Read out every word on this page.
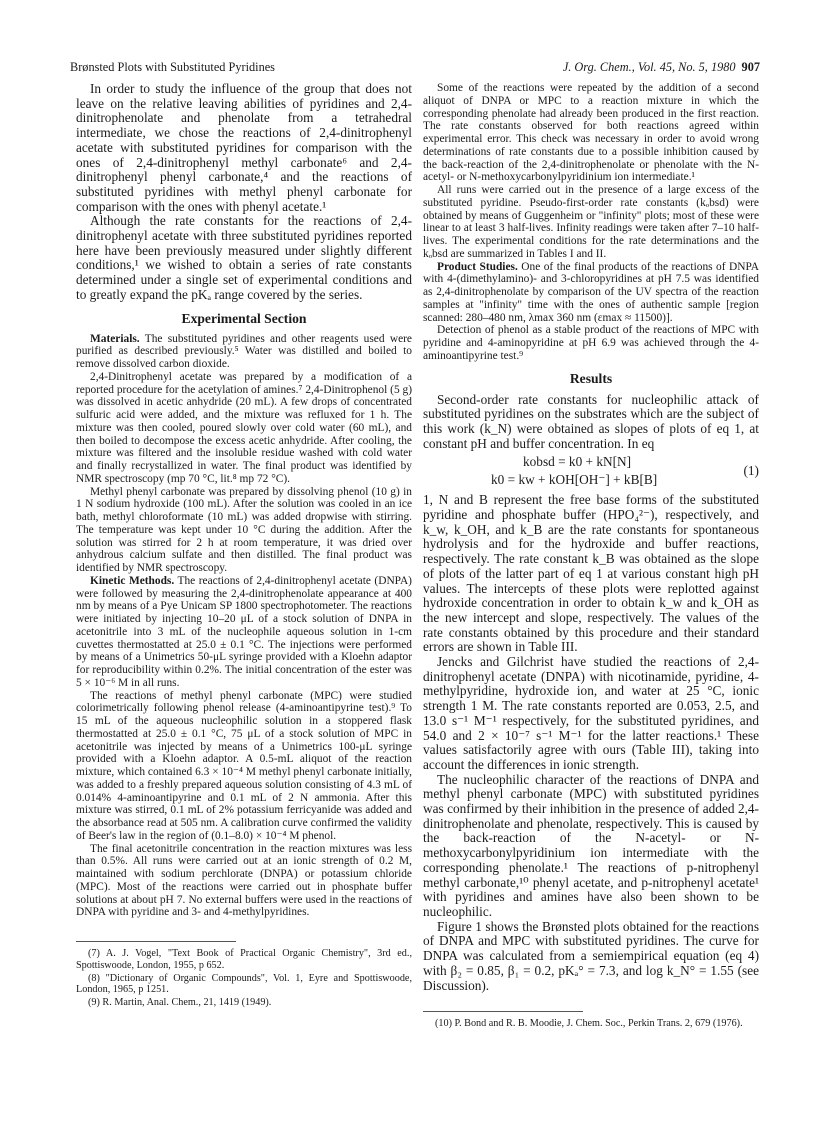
Brønsted Plots with Substituted Pyridines	J. Org. Chem., Vol. 45, No. 5, 1980 907

In order to study the influence of the group that does not leave on the relative leaving abilities of pyridines and 2,4-dinitrophenolate and phenolate from a tetrahedral intermediate, we chose the reactions of 2,4-dinitrophenyl acetate with substituted pyridines for comparison with the ones of 2,4-dinitrophenyl methyl carbonate⁶ and 2,4-dinitrophenyl phenyl carbonate,⁴ and the reactions of substituted pyridines with methyl phenyl carbonate for comparison with the ones with phenyl acetate.¹

Although the rate constants for the reactions of 2,4-dinitrophenyl acetate with three substituted pyridines reported here have been previously measured under slightly different conditions,¹ we wished to obtain a series of rate constants determined under a single set of experimental conditions and to greatly expand the pKₐ range covered by the series.

Experimental Section

Materials. The substituted pyridines and other reagents used were purified as described previously.⁵ Water was distilled and boiled to remove dissolved carbon dioxide.

2,4-Dinitrophenyl acetate was prepared by a modification of a reported procedure for the acetylation of amines.⁷ 2,4-Dinitrophenol (5 g) was dissolved in acetic anhydride (20 mL). A few drops of concentrated sulfuric acid were added, and the mixture was refluxed for 1 h. The mixture was then cooled, poured slowly over cold water (60 mL), and then boiled to decompose the excess acetic anhydride. After cooling, the mixture was filtered and the insoluble residue washed with cold water and finally recrystallized in water. The final product was identified by NMR spectroscopy (mp 70 °C, lit.⁸ mp 72 °C).

Methyl phenyl carbonate was prepared by dissolving phenol (10 g) in 1 N sodium hydroxide (100 mL). After the solution was cooled in an ice bath, methyl chloroformate (10 mL) was added dropwise with stirring. The temperature was kept under 10 °C during the addition. After the solution was stirred for 2 h at room temperature, it was dried over anhydrous calcium sulfate and then distilled. The final product was identified by NMR spectroscopy.

Kinetic Methods. The reactions of 2,4-dinitrophenyl acetate (DNPA) were followed by measuring the 2,4-dinitrophenolate appearance at 400 nm by means of a Pye Unicam SP 1800 spectrophotometer. The reactions were initiated by injecting 10–20 μL of a stock solution of DNPA in acetonitrile into 3 mL of the nucleophile aqueous solution in 1-cm cuvettes thermostatted at 25.0 ± 0.1 °C. The injections were performed by means of a Unimetrics 50-μL syringe provided with a Kloehn adaptor for reproducibility within 0.2%. The initial concentration of the ester was 5 × 10⁻⁶ M in all runs.

The reactions of methyl phenyl carbonate (MPC) were studied colorimetrically following phenol release (4-aminoantipyrine test).⁹ To 15 mL of the aqueous nucleophilic solution in a stoppered flask thermostatted at 25.0 ± 0.1 °C, 75 μL of a stock solution of MPC in acetonitrile was injected by means of a Unimetrics 100-μL syringe provided with a Kloehn adaptor. A 0.5-mL aliquot of the reaction mixture, which contained 6.3 × 10⁻⁴ M methyl phenyl carbonate initially, was added to a freshly prepared aqueous solution consisting of 4.3 mL of 0.014% 4-aminoantipyrine and 0.1 mL of 2 N ammonia. After this mixture was stirred, 0.1 mL of 2% potassium ferricyanide was added and the absorbance read at 505 nm. A calibration curve confirmed the validity of Beer's law in the region of (0.1–8.0) × 10⁻⁴ M phenol.

The final acetonitrile concentration in the reaction mixtures was less than 0.5%. All runs were carried out at an ionic strength of 0.2 M, maintained with sodium perchlorate (DNPA) or potassium chloride (MPC). Most of the reactions were carried out in phosphate buffer solutions at about pH 7. No external buffers were used in the reactions of DNPA with pyridine and 3- and 4-methylpyridines.

(7) A. J. Vogel, "Text Book of Practical Organic Chemistry", 3rd ed., Spottiswoode, London, 1955, p 652.

(8) "Dictionary of Organic Compounds", Vol. 1, Eyre and Spottiswoode, London, 1965, p 1251.

(9) R. Martin, Anal. Chem., 21, 1419 (1949).

Some of the reactions were repeated by the addition of a second aliquot of DNPA or MPC to a reaction mixture in which the corresponding phenolate had already been produced in the first reaction. The rate constants observed for both reactions agreed within experimental error. This check was necessary in order to avoid wrong determinations of rate constants due to a possible inhibition caused by the back-reaction of the 2,4-dinitrophenolate or phenolate with the N-acetyl- or N-methoxycarbonylpyridinium ion intermediate.¹

All runs were carried out in the presence of a large excess of the substituted pyridine. Pseudo-first-order rate constants (kₒbsd) were obtained by means of Guggenheim or "infinity" plots; most of these were linear to at least 3 half-lives. Infinity readings were taken after 7–10 half-lives. The experimental conditions for the rate determinations and the kₒbsd are summarized in Tables I and II.

Product Studies. One of the final products of the reactions of DNPA with 4-(dimethylamino)- and 3-chloropyridines at pH 7.5 was identified as 2,4-dinitrophenolate by comparison of the UV spectra of the reaction samples at "infinity" time with the ones of authentic sample [region scanned: 280–480 nm, λmax 360 nm (εmax ≈ 11500)].

Detection of phenol as a stable product of the reactions of MPC with pyridine and 4-aminopyridine at pH 6.9 was achieved through the 4-aminoantipyrine test.⁹

Results

Second-order rate constants for nucleophilic attack of substituted pyridines on the substrates which are the subject of this work (k_N) were obtained as slopes of plots of eq 1, at constant pH and buffer concentration. In eq

kobsd = k0 + kN[N]
k0 = kw + kOH[OH⁻] + kB[B]
(1)

1, N and B represent the free base forms of the substituted pyridine and phosphate buffer (HPO₄²⁻), respectively, and k_w, k_OH, and k_B are the rate constants for spontaneous hydrolysis and for the hydroxide and buffer reactions, respectively. The rate constant k_B was obtained as the slope of plots of the latter part of eq 1 at various constant high pH values. The intercepts of these plots were replotted against hydroxide concentration in order to obtain k_w and k_OH as the new intercept and slope, respectively. The values of the rate constants obtained by this procedure and their standard errors are shown in Table III.

Jencks and Gilchrist have studied the reactions of 2,4-dinitrophenyl acetate (DNPA) with nicotinamide, pyridine, 4-methylpyridine, hydroxide ion, and water at 25 °C, ionic strength 1 M. The rate constants reported are 0.053, 2.5, and 13.0 s⁻¹ M⁻¹ respectively, for the substituted pyridines, and 54.0 and 2 × 10⁻⁷ s⁻¹ M⁻¹ for the latter reactions.¹ These values satisfactorily agree with ours (Table III), taking into account the differences in ionic strength.

The nucleophilic character of the reactions of DNPA and methyl phenyl carbonate (MPC) with substituted pyridines was confirmed by their inhibition in the presence of added 2,4-dinitrophenolate and phenolate, respectively. This is caused by the back-reaction of the N-acetyl- or N-methoxycarbonylpyridinium ion intermediate with the corresponding phenolate.¹ The reactions of p-nitrophenyl methyl carbonate,¹⁰ phenyl acetate, and p-nitrophenyl acetate¹ with pyridines and amines have also been shown to be nucleophilic.

Figure 1 shows the Brønsted plots obtained for the reactions of DNPA and MPC with substituted pyridines. The curve for DNPA was calculated from a semiempirical equation (eq 4) with β₂ = 0.85, β₁ = 0.2, pKₐ° = 7.3, and log k_N° = 1.55 (see Discussion).

(10) P. Bond and R. B. Moodie, J. Chem. Soc., Perkin Trans. 2, 679 (1976).
